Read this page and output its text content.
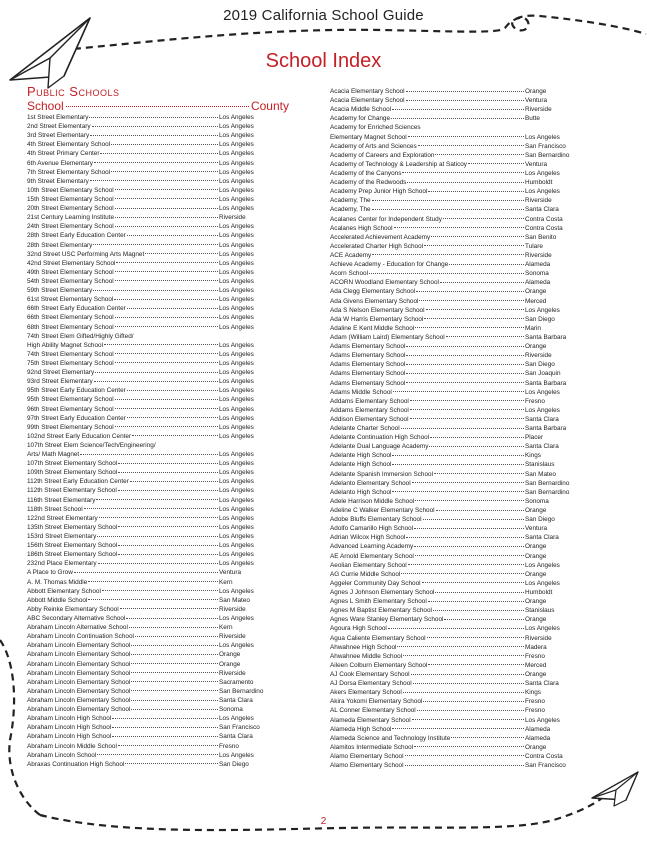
2019 California School Guide
School Index
Public Schools
School	County
1st Street Elementary	Los Angeles
2nd Street Elementary	Los Angeles
3rd Street Elementary	Los Angeles
4th Street Elementary School	Los Angeles
4th Street Primary Center	Los Angeles
6th Avenue Elementary	Los Angeles
7th Street Elementary School	Los Angeles
9th Street Elementary	Los Angeles
10th Street Elementary School	Los Angeles
15th Street Elementary School	Los Angeles
20th Street Elementary School	Los Angeles
21st Century Learning Institute	Riverside
24th Street Elementary School	Los Angeles
28th Street Early Education Center	Los Angeles
28th Street Elementary	Los Angeles
32nd Street USC Performing Arts Magnet	Los Angeles
42nd Street Elementary School	Los Angeles
49th Street Elementary School	Los Angeles
54th Street Elementary School	Los Angeles
59th Street Elementary	Los Angeles
61st Street Elementary School	Los Angeles
66th Street Early Education Center	Los Angeles
66th Street Elementary School	Los Angeles
68th Street Elementary School	Los Angeles
74th Street Elem Gifted/Highly Gifted/
High Ability Magnet School	Los Angeles
74th Street Elementary School	Los Angeles
75th Street Elementary School	Los Angeles
92nd Street Elementary	Los Angeles
93rd Street Elementary	Los Angeles
95th Street Early Education Center	Los Angeles
95th Street Elementary School	Los Angeles
96th Street Elementary School	Los Angeles
97th Street Early Education Center	Los Angeles
99th Street Elementary School	Los Angeles
102nd Street Early Education Center	Los Angeles
107th Street Elem Science/Tech/Engineering/
Arts/ Math Magnet	Los Angeles
107th Street Elementary School	Los Angeles
109th Street Elementary School	Los Angeles
112th Street Early Education Center	Los Angeles
112th Street Elementary School	Los Angeles
116th Street Elementary	Los Angeles
118th Street School	Los Angeles
122nd Street Elementary	Los Angeles
135th Street Elementary School	Los Angeles
153rd Street Elementary	Los Angeles
156th Street Elementary School	Los Angeles
186th Street Elementary School	Los Angeles
232nd Place Elementary	Los Angeles
A Place to Grow	Ventura
A. M. Thomas Middle	Kern
Abbott Elementary School	Los Angeles
Abbott Middle School	San Mateo
Abby Reinke Elementary School	Riverside
ABC Secondary Alternative School	Los Angeles
Abraham Lincoln Alternative School	Kern
Abraham Lincoln Continuation School	Riverside
Abraham Lincoln Elementary School	Los Angeles
Abraham Lincoln Elementary School	Orange
Abraham Lincoln Elementary School	Orange
Abraham Lincoln Elementary School	Riverside
Abraham Lincoln Elementary School	Sacramento
Abraham Lincoln Elementary School	San Bernardino
Abraham Lincoln Elementary School	Santa Clara
Abraham Lincoln Elementary School	Sonoma
Abraham Lincoln High School	Los Angeles
Abraham Lincoln High School	San Francisco
Abraham Lincoln High School	Santa Clara
Abraham Lincoln Middle School	Fresno
Abraham Lincoln School	Los Angeles
Abraxas Continuation High School	San Diego
Acacia Elementary School	Orange
Acacia Elementary School	Ventura
Acacia Middle School	Riverside
Academy for Change	Butte
Academy for Enriched Sciences
Elementary Magnet School	Los Angeles
Academy of Arts and Sciences	San Francisco
Academy of Careers and Exploration	San Bernardino
Academy of Technology & Leadership at Saticoy	Ventura
Academy of the Canyons	Los Angeles
Academy of the Redwoods	Humboldt
Academy Prep Junior High School	Los Angeles
Academy, The	Riverside
Academy, The	Santa Clara
Acalanes Center for Independent Study	Contra Costa
Acalanes High School	Contra Costa
Accelerated Achievement Academy	San Benito
Accelerated Charter High School	Tulare
ACE Academy	Riverside
Achieve Academy - Education for Change	Alameda
Acorn School	Sonoma
ACORN Woodland Elementary School	Alameda
Ada Clegg Elementary School	Orange
Ada Givens Elementary School	Merced
Ada S Nelson Elementary School	Los Angeles
Ada W Harris Elementary School	San Diego
Adaline E Kent Middle School	Marin
Adam (William Laird) Elementary School	Santa Barbara
Adams Elementary School	Orange
Adams Elementary School	Riverside
Adams Elementary School	San Diego
Adams Elementary School	San Joaquin
Adams Elementary School	Santa Barbara
Adams Middle School	Los Angeles
Addams Elementary School	Fresno
Addams Elementary School	Los Angeles
Addison Elementary School	Santa Clara
Adelante Charter School	Santa Barbara
Adelante Continuation High School	Placer
Adelante Dual Language Academy	Santa Clara
Adelante High School	Kings
Adelante High School	Stanislaus
Adelante Spanish Immersion School	San Mateo
Adelanto Elementary School	San Bernardino
Adelanto High School	San Bernardino
Adele Harrison Middle School	Sonoma
Adeline C Walker Elementary School	Orange
Adobe Bluffs Elementary School	San Diego
Adolfo Camarillo High School	Ventura
Adrian Wilcox High School	Santa Clara
Advanced Learning Academy	Orange
AE Arnold Elementary School	Orange
Aeolian Elementary School	Los Angeles
AG Currie Middle School	Orange
Aggeler Community Day School	Los Angeles
Agnes J Johnson Elementary School	Humboldt
Agnes L Smith Elementary School	Orange
Agnes M Baptist Elementary School	Stanislaus
Agnes Ware Stanley Elementary School	Orange
Agoura High School	Los Angeles
Agua Caliente Elementary School	Riverside
Ahwahnee High School	Madera
Ahwahnee Middle School	Fresno
Aileen Colburn Elementary School	Merced
AJ Cook Elementary School	Orange
AJ Dorsa Elementary School	Santa Clara
Akers Elementary School	Kings
Akira Yokomi Elementary School	Fresno
AL Conner Elementary School	Fresno
Alameda Elementary School	Los Angeles
Alameda High School	Alameda
Alameda Science and Technology Institute	Alameda
Alamitos Intermediate School	Orange
Alamo Elementary School	Contra Costa
Alamo Elementary School	San Francisco
2
